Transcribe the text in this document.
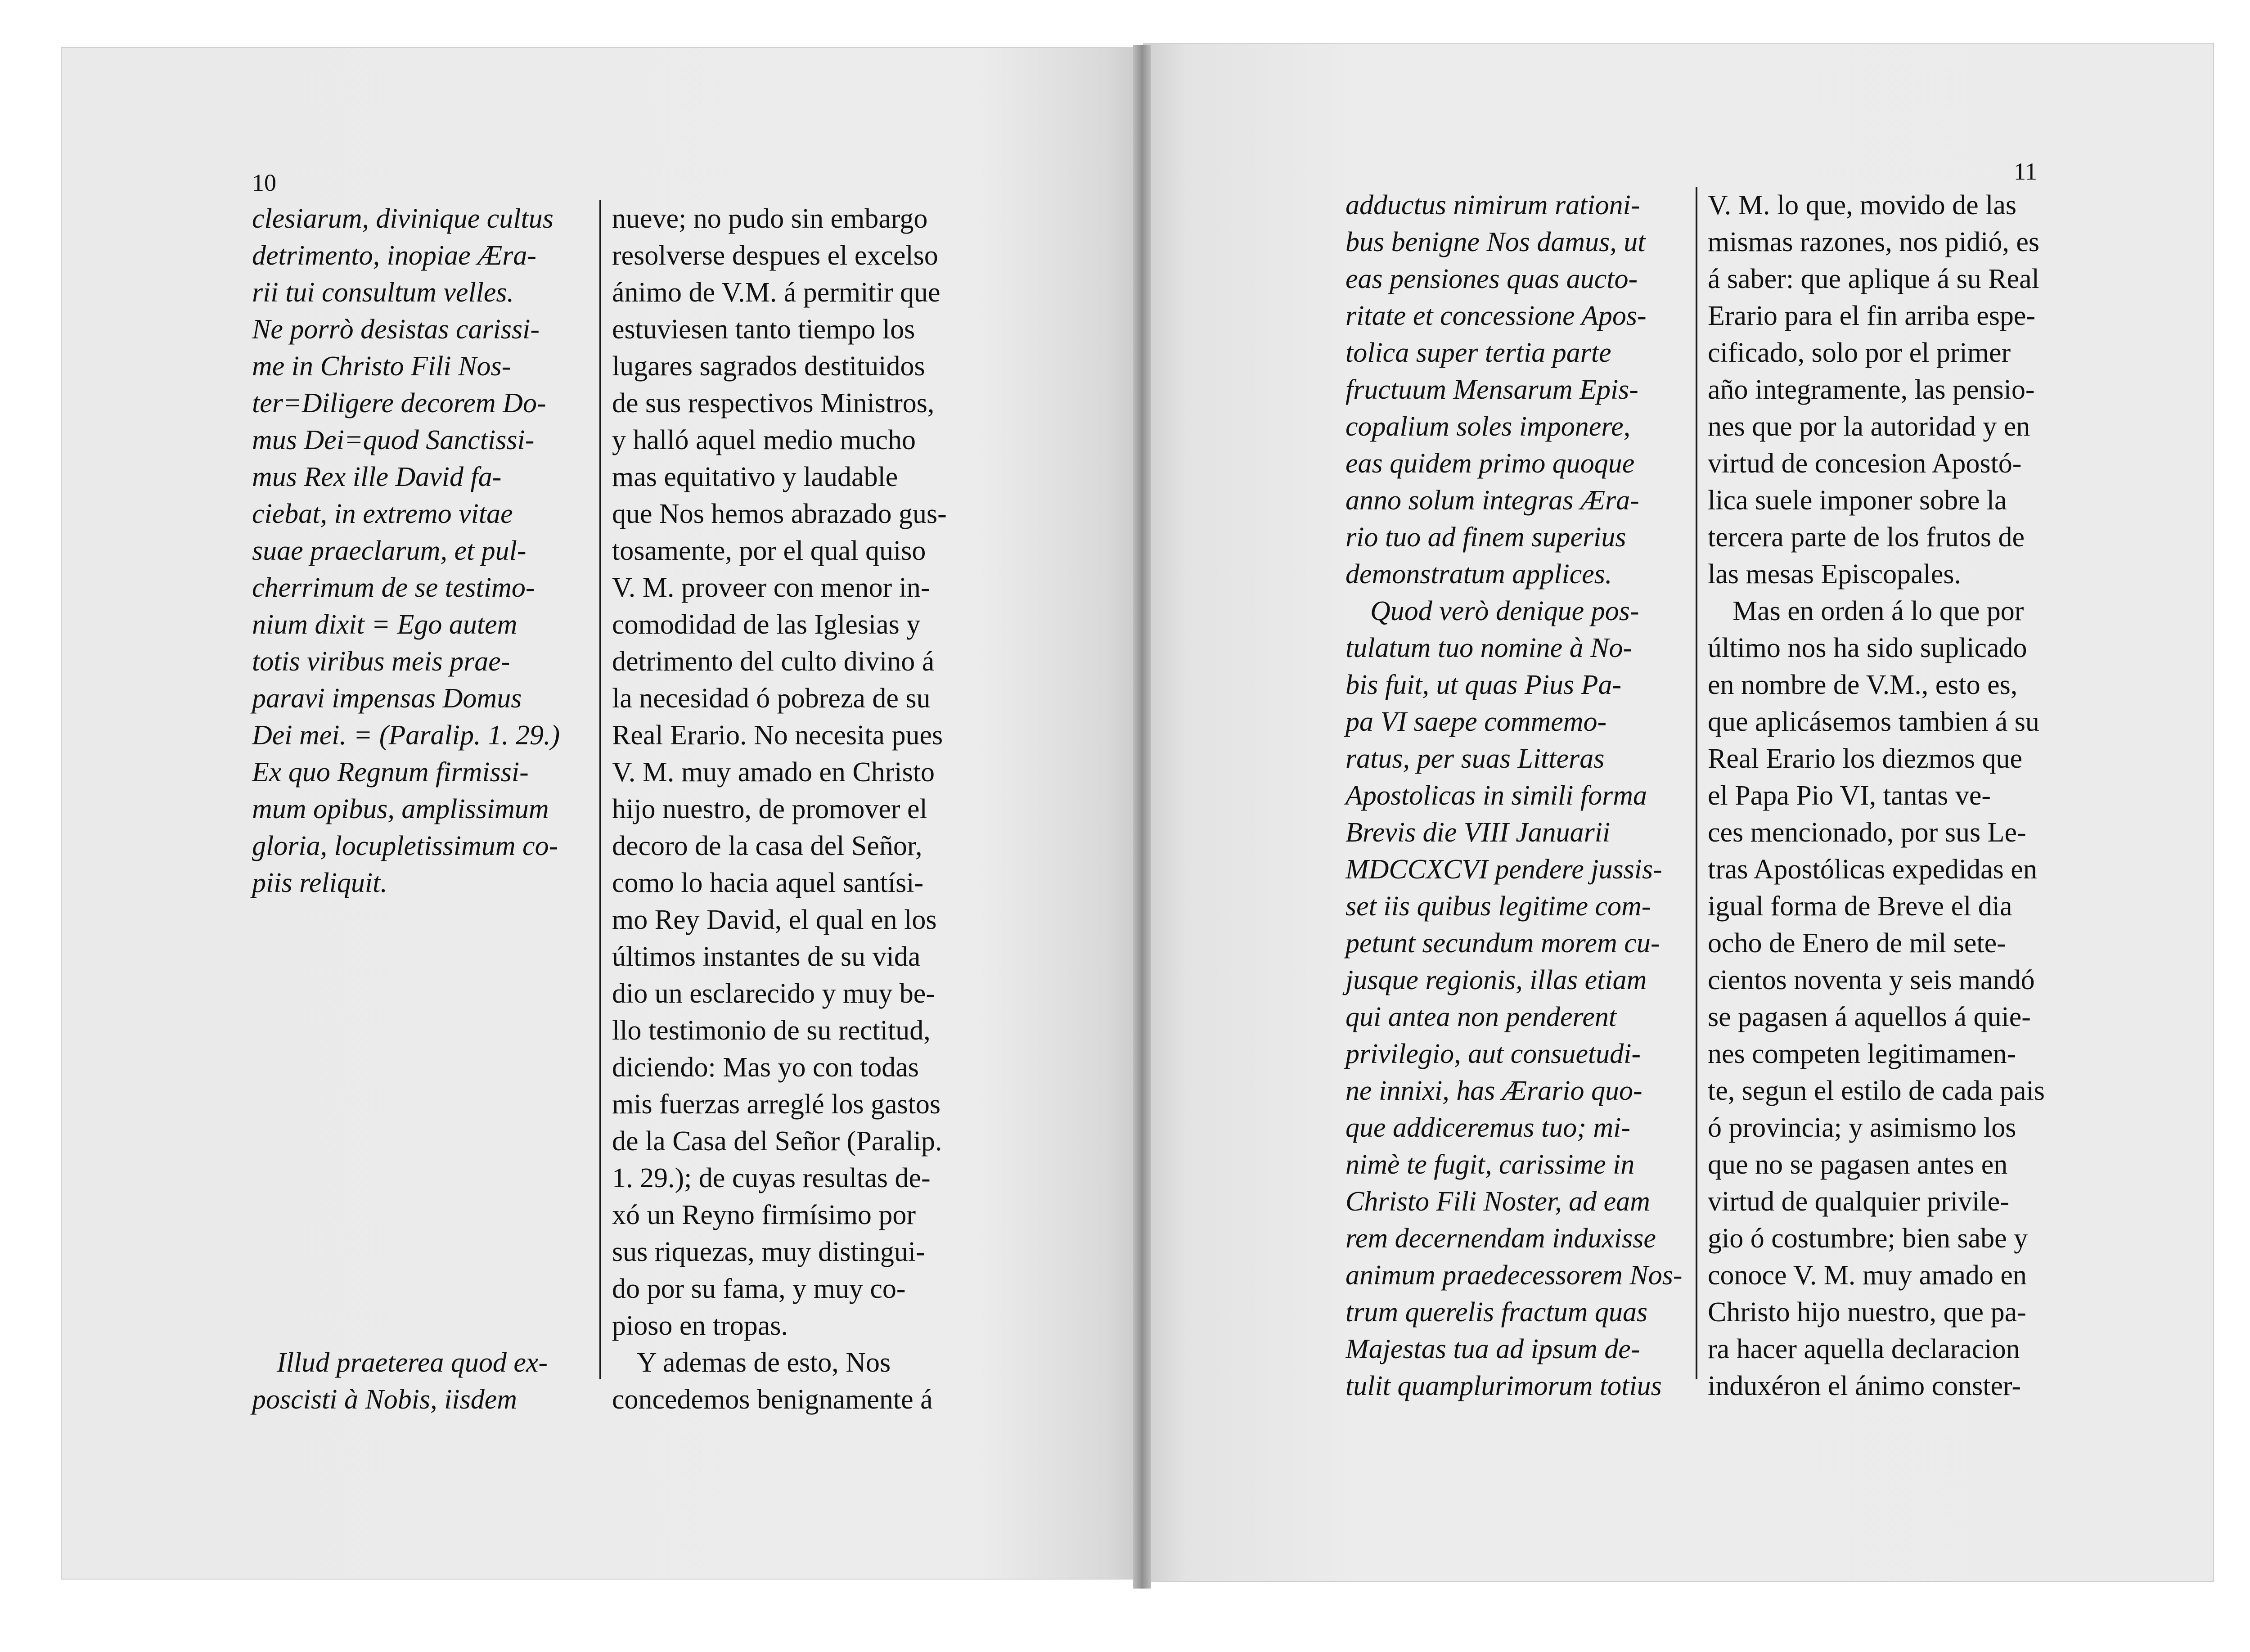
10	11
clesiarum, divinique cultus
detrimento, inopiae Æra-
rii tui consultum velles.
Ne porrò desistas carissi-
me in Christo Fili Nos-
ter=Diligere decorem Do-
mus Dei=quod Sanctissi-
mus Rex ille David fa-
ciebat, in extremo vitae
suae praeclarum, et pul-
cherrimum de se testimo-
nium dixit = Ego autem
totis viribus meis prae-
paravi impensas Domus
Dei mei. = (Paralip. 1. 29.)
Ex quo Regnum firmissi-
mum opibus, amplissimum
gloria, locupletissimum co-
piis reliquit.
Illud praeterea quod ex-
poscisti à Nobis, iisdem
nueve; no pudo sin embargo
resolverse despues el excelso
ánimo de V.M. á permitir que
estuviesen tanto tiempo los
lugares sagrados destituidos
de sus respectivos Ministros,
y halló aquel medio mucho
mas equitativo y laudable
que Nos hemos abrazado gus-
tosamente, por el qual quiso
V. M. proveer con menor in-
comodidad de las Iglesias y
detrimento del culto divino á
la necesidad ó pobreza de su
Real Erario. No necesita pues
V. M. muy amado en Christo
hijo nuestro, de promover el
decoro de la casa del Señor,
como lo hacia aquel santísi-
mo Rey David, el qual en los
últimos instantes de su vida
dio un esclarecido y muy be-
llo testimonio de su rectitud,
diciendo: Mas yo con todas
mis fuerzas arreglé los gastos
de la Casa del Señor (Paralip.
1. 29.); de cuyas resultas de-
xó un Reyno firmísimo por
sus riquezas, muy distingui-
do por su fama, y muy co-
pioso en tropas.
Y ademas de esto, Nos
concedemos benignamente á
adductus nimirum rationi-
bus benigne Nos damus, ut
eas pensiones quas aucto-
ritate et concessione Apos-
tolica super tertia parte
fructuum Mensarum Epis-
copalium soles imponere,
eas quidem primo quoque
anno solum integras Æra-
rio tuo ad finem superius
demonstratum applices.
Quod verò denique pos-
tulatum tuo nomine à No-
bis fuit, ut quas Pius Pa-
pa VI saepe commemo-
ratus, per suas Litteras
Apostolicas in simili forma
Brevis die VIII Januarii
MDCCXCVI pendere jussis-
set iis quibus legitime com-
petunt secundum morem cu-
jusque regionis, illas etiam
qui antea non penderent
privilegio, aut consuetudi-
ne innixi, has Ærario quo-
que addiceremus tuo; mi-
nimè te fugit, carissime in
Christo Fili Noster, ad eam
rem decernendam induxisse
animum praedecessorem Nos-
trum querelis fractum quas
Majestas tua ad ipsum de-
tulit quamplurimorum totius
V. M. lo que, movido de las
mismas razones, nos pidió, es
á saber: que aplique á su Real
Erario para el fin arriba espe-
cificado, solo por el primer
año integramente, las pensio-
nes que por la autoridad y en
virtud de concesion Apostó-
lica suele imponer sobre la
tercera parte de los frutos de
las mesas Episcopales.
Mas en orden á lo que por
último nos ha sido suplicado
en nombre de V.M., esto es,
que aplicásemos tambien á su
Real Erario los diezmos que
el Papa Pio VI, tantas ve-
ces mencionado, por sus Le-
tras Apostólicas expedidas en
igual forma de Breve el dia
ocho de Enero de mil sete-
cientos noventa y seis mandó
se pagasen á aquellos á quie-
nes competen legitimamen-
te, segun el estilo de cada pais
ó provincia; y asimismo los
que no se pagasen antes en
virtud de qualquier privile-
gio ó costumbre; bien sabe y
conoce V. M. muy amado en
Christo hijo nuestro, que pa-
ra hacer aquella declaracion
induxéron el ánimo conster-
